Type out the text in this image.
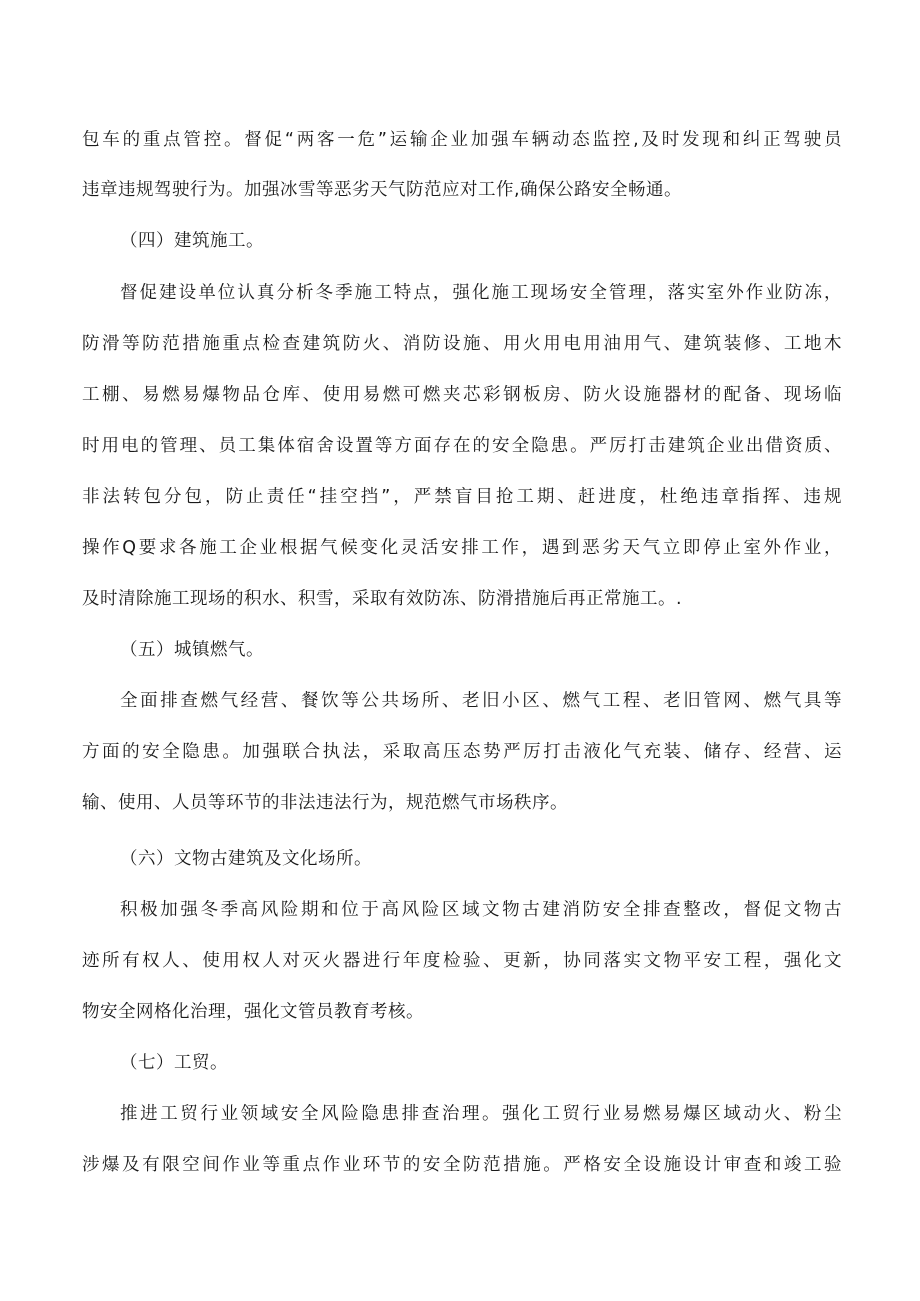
包车的重点管控。督促“两客一危”运输企业加强车辆动态监控,及时发现和纠正驾驶员
违章违规驾驶行为。加强冰雪等恶劣天气防范应对工作,确保公路安全畅通。
（四）建筑施工。
督促建设单位认真分析冬季施工特点，强化施工现场安全管理，落实室外作业防冻，
防滑等防范措施重点检查建筑防火、消防设施、用火用电用油用气、建筑装修、工地木
工棚、易燃易爆物品仓库、使用易燃可燃夹芯彩钢板房、防火设施器材的配备、现场临
时用电的管理、员工集体宿舍设置等方面存在的安全隐患。严厉打击建筑企业出借资质、
非法转包分包，防止责任“挂空挡”，严禁盲目抢工期、赶进度，杜绝违章指挥、违规
操作Q要求各施工企业根据气候变化灵活安排工作，遇到恶劣天气立即停止室外作业，
及时清除施工现场的积水、积雪，采取有效防冻、防滑措施后再正常施工。.
（五）城镇燃气。
全面排查燃气经营、餐饮等公共场所、老旧小区、燃气工程、老旧管网、燃气具等
方面的安全隐患。加强联合执法，采取高压态势严厉打击液化气充装、储存、经营、运
输、使用、人员等环节的非法违法行为，规范燃气市场秩序。
（六）文物古建筑及文化场所。
积极加强冬季高风险期和位于高风险区域文物古建消防安全排查整改，督促文物古
迹所有权人、使用权人对灭火器进行年度检验、更新，协同落实文物平安工程，强化文
物安全网格化治理，强化文管员教育考核。
（七）工贸。
推进工贸行业领域安全风险隐患排查治理。强化工贸行业易燃易爆区域动火、粉尘
涉爆及有限空间作业等重点作业环节的安全防范措施。严格安全设施设计审查和竣工验
